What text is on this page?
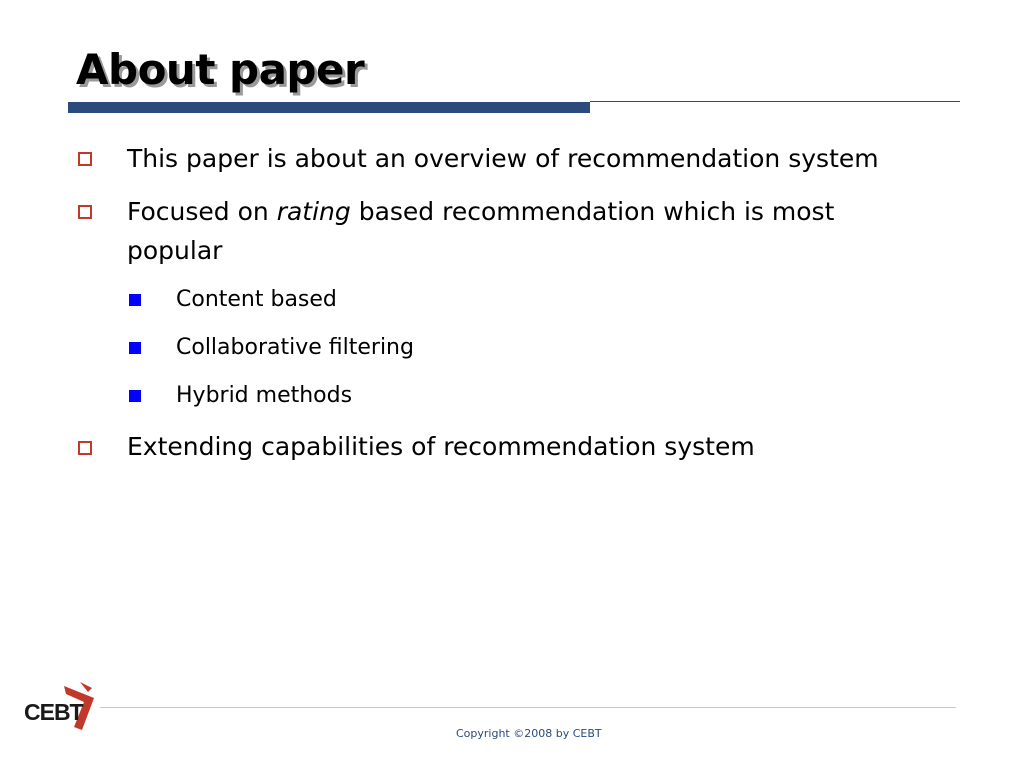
About paper
This paper is about an overview of recommendation system
Focused on rating based recommendation which is most
popular
Content based
Collaborative filtering
Hybrid methods
Extending capabilities of recommendation system
CEBT
Copyright ©2008 by CEBT
